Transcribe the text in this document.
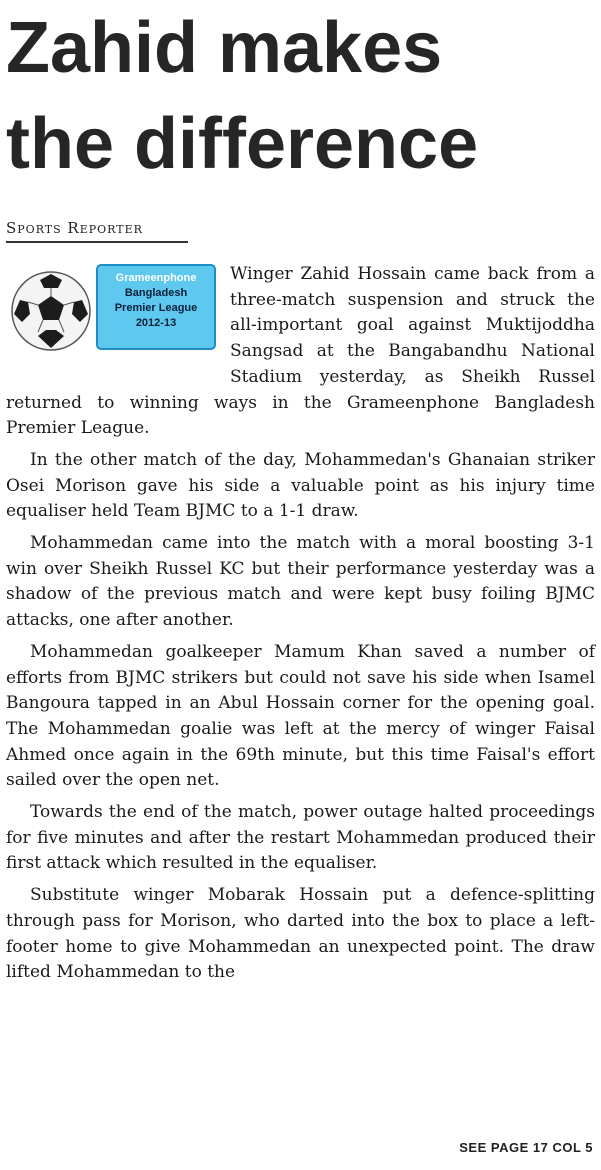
Zahid makes
the difference
Sports Reporter
Grameenphone
Bangladesh
Premier League
2012-13

Winger Zahid Hossain came back from a three-match suspension and struck the all-important goal against Muktijoddha Sangsad at the Bangabandhu National Stadium yesterday, as Sheikh Russel returned to winning ways in the Grameenphone Bangladesh Premier League.

In the other match of the day, Mohammedan's Ghanaian striker Osei Morison gave his side a valuable point as his injury time equaliser held Team BJMC to a 1-1 draw.

Mohammedan came into the match with a moral boosting 3-1 win over Sheikh Russel KC but their performance yesterday was a shadow of the previous match and were kept busy foiling BJMC attacks, one after another.

Mohammedan goalkeeper Mamum Khan saved a number of efforts from BJMC strikers but could not save his side when Isamel Bangoura tapped in an Abul Hossain corner for the opening goal. The Mohammedan goalie was left at the mercy of winger Faisal Ahmed once again in the 69th minute, but this time Faisal's effort sailed over the open net.

Towards the end of the match, power outage halted proceedings for five minutes and after the restart Mohammedan produced their first attack which resulted in the equaliser.

Substitute winger Mobarak Hossain put a defence-splitting through pass for Morison, who darted into the box to place a left-footer home to give Mohammedan an unexpected point. The draw lifted Mohammedan to the

SEE PAGE 17 COL 5
